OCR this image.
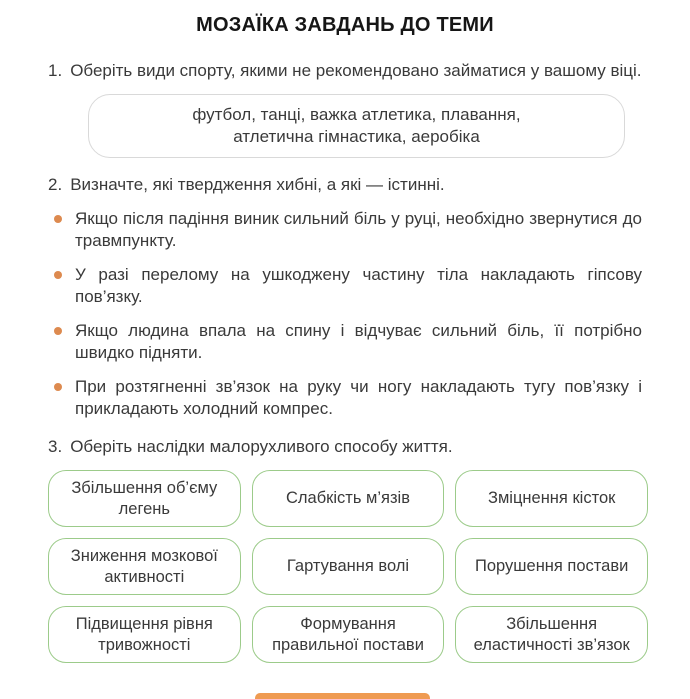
МОЗАЇКА ЗАВДАНЬ ДО ТЕМИ
1. Оберіть види спорту, якими не рекомендовано займатися у вашому віці.

футбол, танці, важка атлетика, плавання,
атлетична гімнастика, аеробіка
2. Визначте, які твердження хибні, а які — істинні.

Якщо після падіння виник сильний біль у руці, необхідно звернутися до травмпункту.
У разі перелому на ушкоджену частину тіла накладають гіпсову пов’язку.
Якщо людина впала на спину і відчуває сильний біль, її потрібно швидко підняти.
При розтягненні зв’язок на руку чи ногу накладають тугу пов’язку і прикладають холодний компрес.
3. Оберіть наслідки малорухливого способу життя.

Збільшення об’єму легень
Слабкість м’язів	Зміцнення кісток
Зниження мозкової активності
Гартування волі	Порушення постави
Підвищення рівня тривожності
Формування правильної постави
Збільшення еластичності зв’язок
